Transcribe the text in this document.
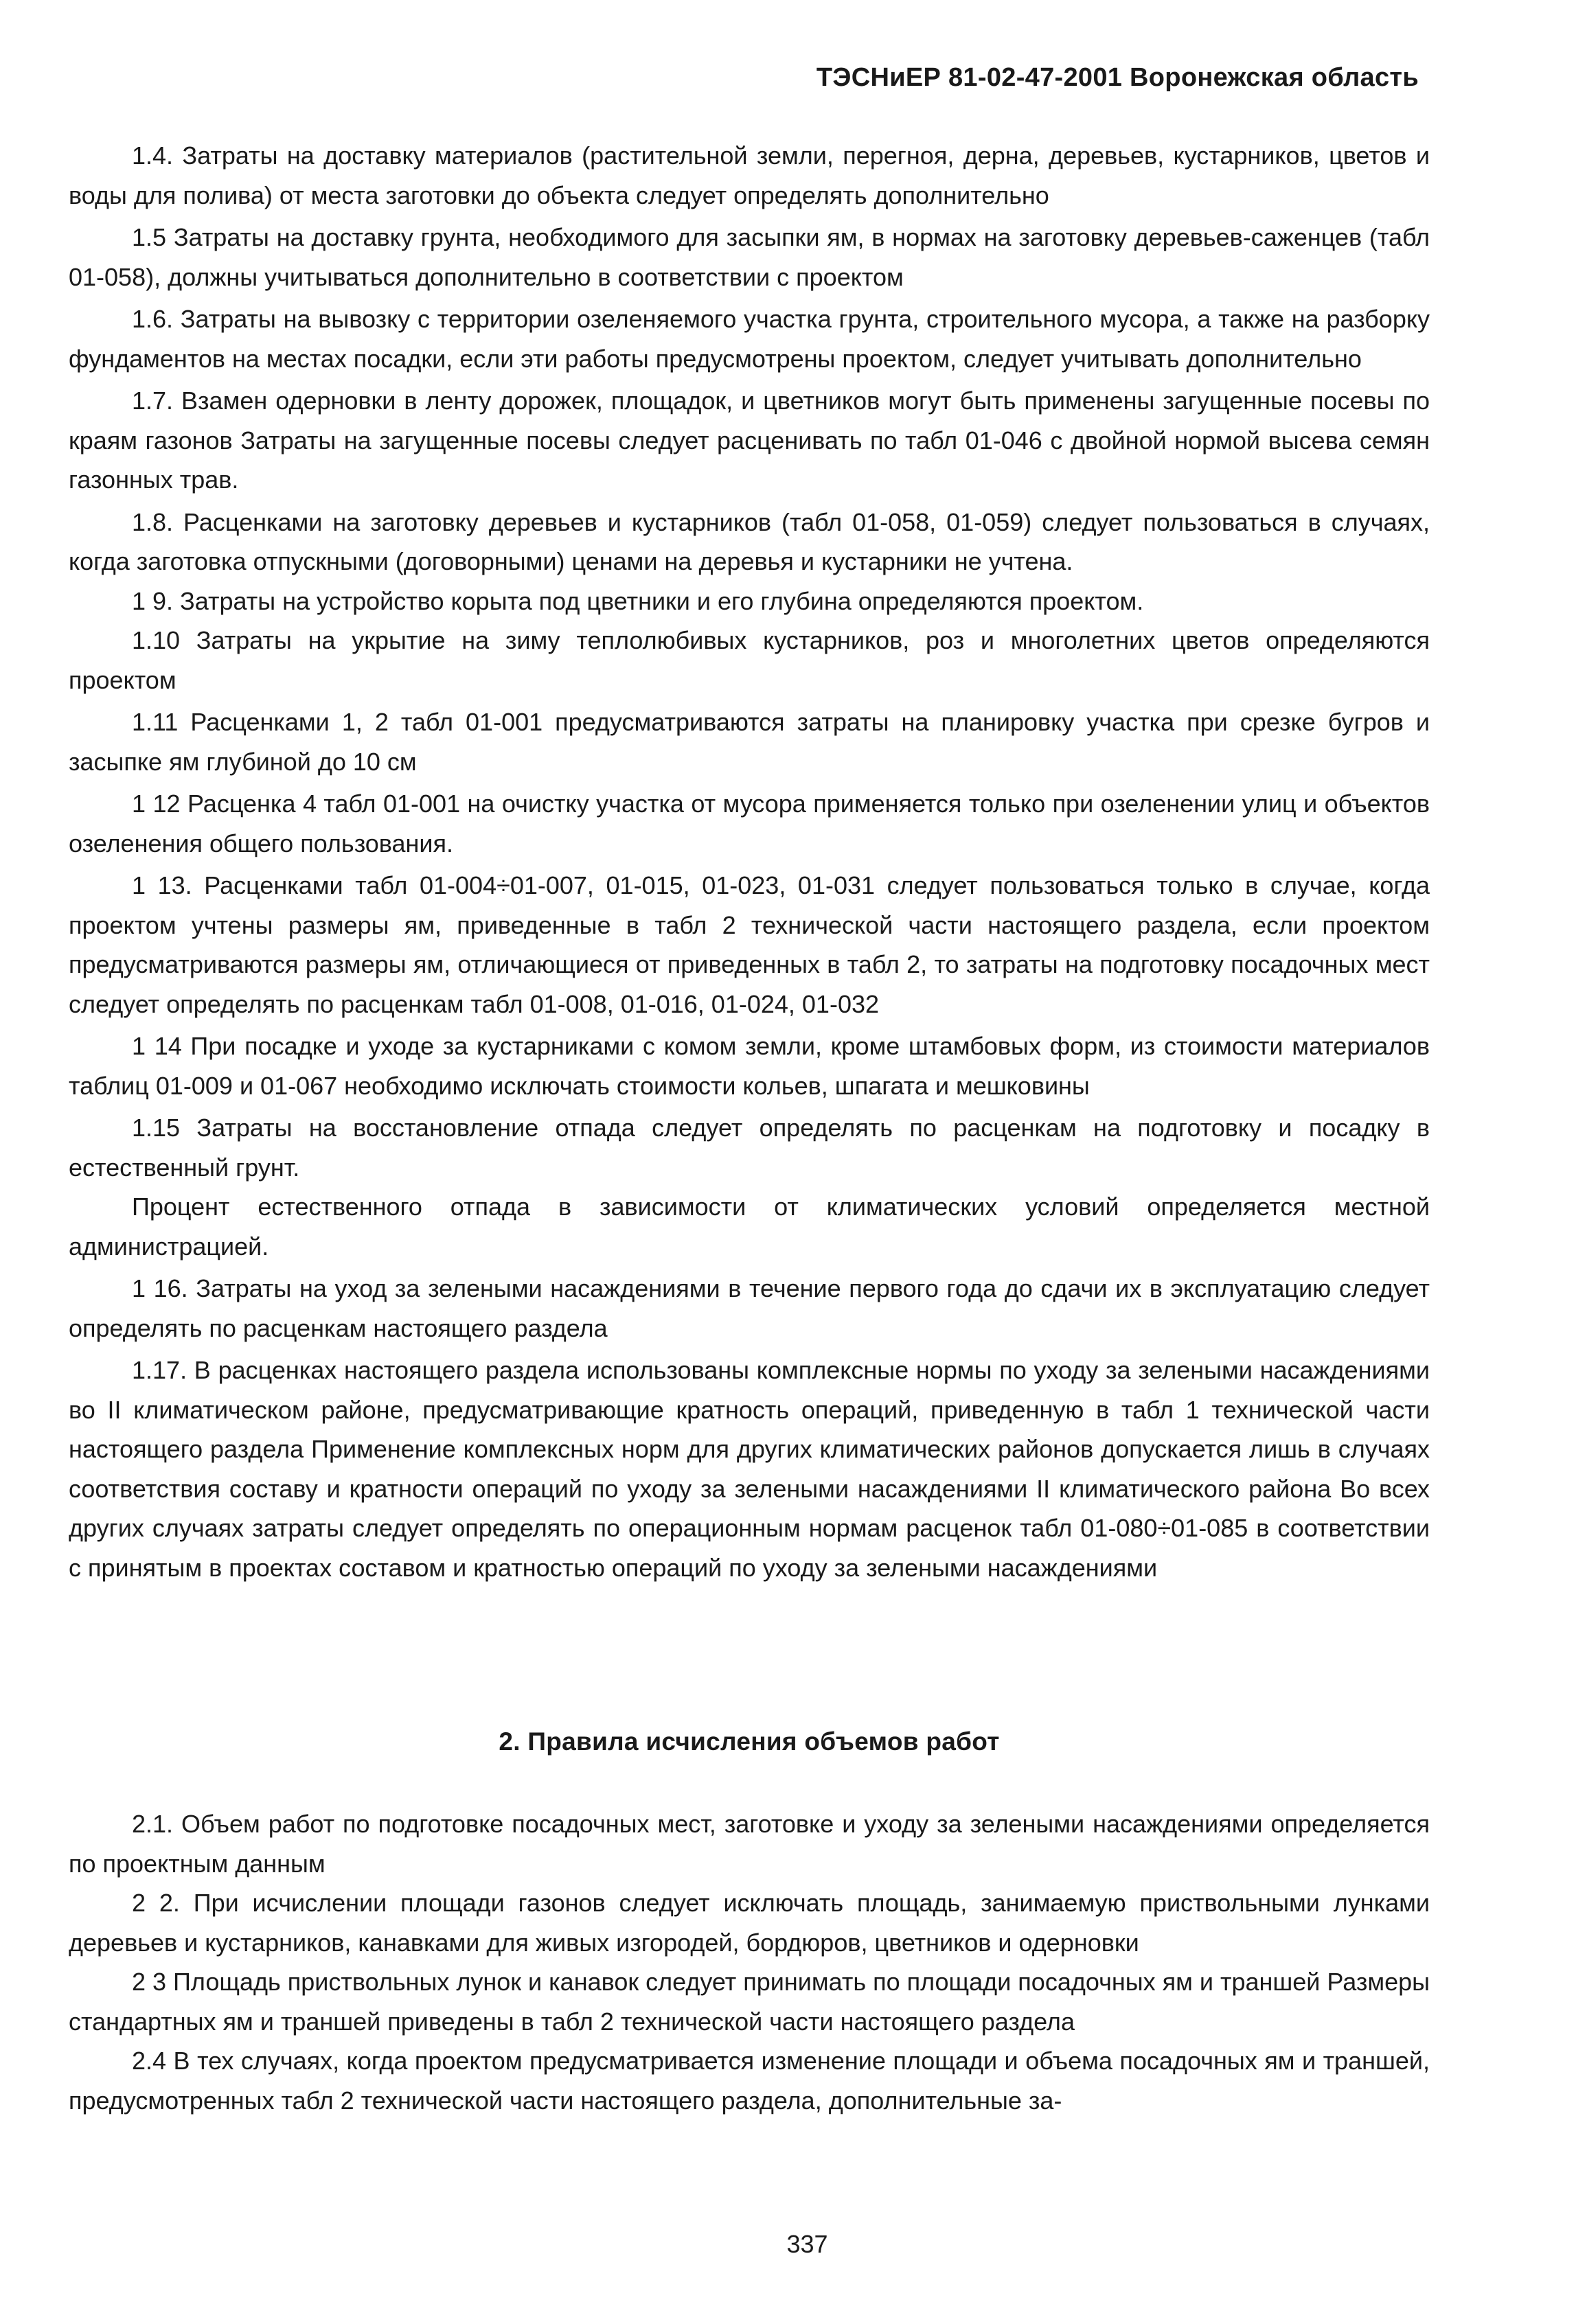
ТЭСНиЕР 81-02-47-2001 Воронежская область

1.4. Затраты на доставку материалов (растительной земли, перегноя, дерна, деревьев, кустарников, цветов и воды для полива) от места заготовки до объекта следует определять дополнительно

1.5 Затраты на доставку грунта, необходимого для засыпки ям, в нормах на заготовку деревьев-саженцев (табл 01-058), должны учитываться дополнительно в соответствии с проектом

1.6. Затраты на вывозку с территории озеленяемого участка грунта, строительного мусора, а также на разборку фундаментов на местах посадки, если эти работы предусмотрены проектом, следует учитывать дополнительно

1.7. Взамен одерновки в ленту дорожек, площадок, и цветников могут быть применены загущенные посевы по краям газонов Затраты на загущенные посевы следует расценивать по табл 01-046 с двойной нормой высева семян газонных трав.

1.8. Расценками на заготовку деревьев и кустарников (табл 01-058, 01-059) следует пользоваться в случаях, когда заготовка отпускными (договорными) ценами на деревья и кустарники не учтена.

1 9. Затраты на устройство корыта под цветники и его глубина определяются проектом.

1.10 Затраты на укрытие на зиму теплолюбивых кустарников, роз и многолетних цветов определяются проектом

1.11 Расценками 1, 2 табл 01-001 предусматриваются затраты на планировку участка при срезке бугров и засыпке ям глубиной до 10 см

1 12 Расценка 4 табл 01-001 на очистку участка от мусора применяется только при озеленении улиц и объектов озеленения общего пользования.

1 13. Расценками табл 01-004÷01-007, 01-015, 01-023, 01-031 следует пользоваться только в случае, когда проектом учтены размеры ям, приведенные в табл 2 технической части настоящего раздела, если проектом предусматриваются размеры ям, отличающиеся от приведенных в табл 2, то затраты на подготовку посадочных мест следует определять по расценкам табл 01-008, 01-016, 01-024, 01-032

1 14 При посадке и уходе за кустарниками с комом земли, кроме штамбовых форм, из стоимости материалов таблиц 01-009 и 01-067 необходимо исключать стоимости кольев, шпагата и мешковины

1.15 Затраты на восстановление отпада следует определять по расценкам на подготовку и посадку в естественный грунт.

Процент естественного отпада в зависимости от климатических условий определяется местной администрацией.

1 16. Затраты на уход за зелеными насаждениями в течение первого года до сдачи их в эксплуатацию следует определять по расценкам настоящего раздела

1.17. В расценках настоящего раздела использованы комплексные нормы по уходу за зелеными насаждениями во II климатическом районе, предусматривающие кратность операций, приведенную в табл 1 технической части настоящего раздела Применение комплексных норм для других климатических районов допускается лишь в случаях соответствия составу и кратности операций по уходу за зелеными насаждениями II климатического района Во всех других случаях затраты следует определять по операционным нормам расценок табл 01-080÷01-085 в соответствии с принятым в проектах составом и кратностью операций по уходу за зелеными насаждениями

2. Правила исчисления объемов работ

2.1. Объем работ по подготовке посадочных мест, заготовке и уходу за зелеными насаждениями определяется по проектным данным

2 2. При исчислении площади газонов следует исключать площадь, занимаемую приствольными лунками деревьев и кустарников, канавками для живых изгородей, бордюров, цветников и одерновки

2 3 Площадь приствольных лунок и канавок следует принимать по площади посадочных ям и траншей Размеры стандартных ям и траншей приведены в табл 2 технической части настоящего раздела

2.4 В тех случаях, когда проектом предусматривается изменение площади и объема посадочных ям и траншей, предусмотренных табл 2 технической части настоящего раздела, дополнительные за-

337
